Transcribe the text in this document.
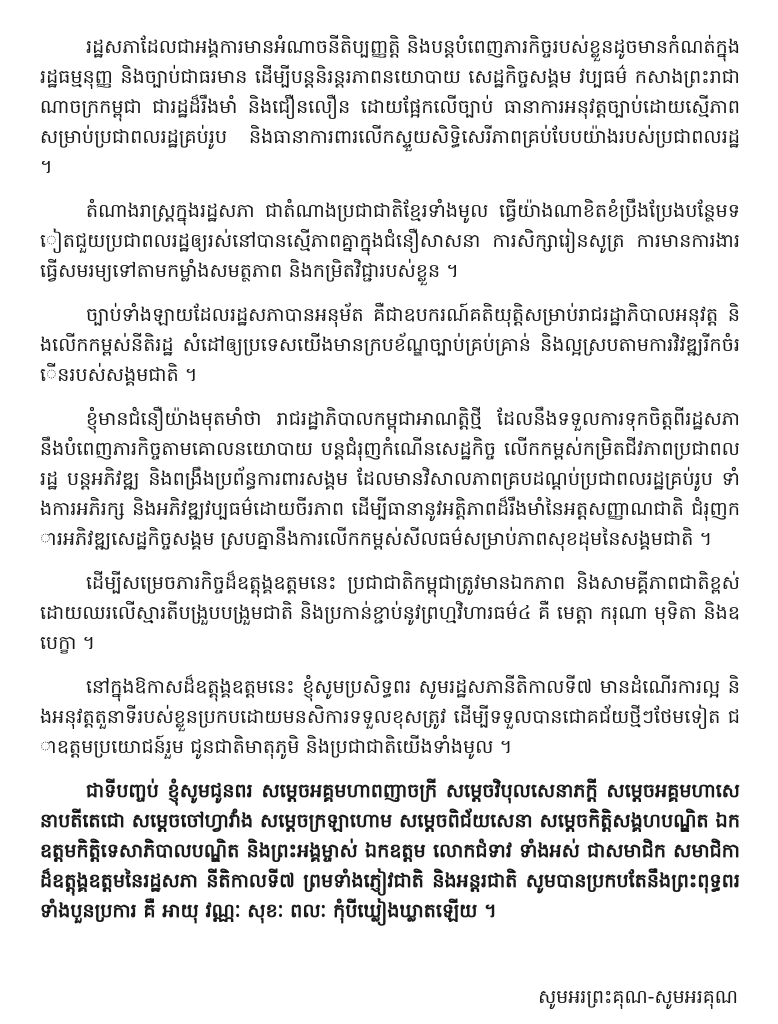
រដ្ឋសភាដែលជាអង្គការមានអំណាចនីតិប្បញ្ញត្តិ និងបន្តបំពេញភារកិច្ចរបស់ខ្លួនដូចមានកំណត់ក្នុងរដ្ឋធម្មនុញ្ញ និងច្បាប់ជាធរមាន ដើម្បីបន្តនិរន្តរភាពនយោបាយ សេដ្ឋកិច្ចសង្គម វប្បធម៌ កសាងព្រះរាជាណាចក្រកម្ពុជា ជារដ្ឋដ៏រឹងមាំ និងជឿនលឿន ដោយផ្អែកលើច្បាប់ ធានាការអនុវត្តច្បាប់ដោយស្មើភាពសម្រាប់ប្រជាពលរដ្ឋគ្រប់រូប និងធានាការពារលើកស្ទួយសិទ្ធិសេរីភាពគ្រប់បែបយ៉ាងរបស់ប្រជាពលរដ្ឋ ។

តំណាងរាស្ត្រក្នុងរដ្ឋសភា ជាតំណាងប្រជាជាតិខ្មែរទាំងមូល ធ្វើយ៉ាងណាខិតខំប្រឹងប្រែងបន្ថែមទៀតជួយប្រជាពលរដ្ឋឲ្យរស់នៅបានស្មើភាពគ្នាក្នុងជំនឿសាសនា ការសិក្សារៀនសូត្រ ការមានការងារធ្វើសមរម្យទៅតាមកម្លាំងសមត្ថភាព និងកម្រិតវិជ្ជារបស់ខ្លួន ។

ច្បាប់ទាំងឡាយដែលរដ្ឋសភាបានអនុម័ត គឺជាឧបករណ៍គតិយុត្តិសម្រាប់រាជរដ្ឋាភិបាលអនុវត្ត និងលើកកម្ពស់នីតិរដ្ឋ សំដៅឲ្យប្រទេសយើងមានក្របខ័ណ្ឌច្បាប់គ្រប់គ្រាន់ និងល្អស្របតាមការវិវឌ្ឍរីកចំរើនរបស់សង្គមជាតិ ។

ខ្ញុំមានជំនឿយ៉ាងមុតមាំថា រាជរដ្ឋាភិបាលកម្ពុជាអាណត្តិថ្មី ដែលនឹងទទួលការទុកចិត្តពីរដ្ឋសភា នឹងបំពេញភារកិច្ចតាមគោលនយោបាយ បន្តជំរុញកំណើនសេដ្ឋកិច្ច លើកកម្ពស់កម្រិតជីវភាពប្រជាពលរដ្ឋ បន្តអភិវឌ្ឍ និងពង្រឹងប្រព័ន្ធការពារសង្គម ដែលមានវិសាលភាពគ្របដណ្តប់ប្រជាពលរដ្ឋគ្រប់រូប ទាំងការអភិរក្ស និងអភិវឌ្ឍវប្បធម៌ដោយចីរភាព ដើម្បីធានានូវអត្តិភាពដ៏រឹងមាំនៃអត្តសញ្ញាណជាតិ ជំរុញការអភិវឌ្ឍសេដ្ឋកិច្ចសង្គម ស្របគ្នានឹងការលើកកម្ពស់សីលធម៌សម្រាប់ភាពសុខដុមនៃសង្គមជាតិ ។

ដើម្បីសម្រេចភារកិច្ចដ៏ឧត្តុង្គឧត្តមនេះ ប្រជាជាតិកម្ពុជាត្រូវមានឯកភាព និងសាមគ្គីភាពជាតិខ្ពស់ ដោយឈរលើស្មារតីបង្រួបបង្រួមជាតិ និងប្រកាន់ខ្ជាប់នូវព្រហ្មវិហារធម៌៤ គឺ មេត្តា ករុណា មុទិតា និងឧបេក្ខា ។

នៅក្នុងឱកាសដ៏ឧត្តុង្គឧត្តមនេះ ខ្ញុំសូមប្រសិទ្ធពរ សូមរដ្ឋសភានីតិកាលទី៧ មានដំណើរការល្អ និងអនុវត្តតួនាទីរបស់ខ្លួនប្រកបដោយមនសិការទទួលខុសត្រូវ ដើម្បីទទួលបានជោគជ័យថ្មីៗថែមទៀត ជាឧត្តមប្រយោជន៍រួម ជូនជាតិមាតុភូមិ និងប្រជាជាតិយើងទាំងមូល ។

ជាទីបញ្ចប់ ខ្ញុំសូមជូនពរ សម្តេចអគ្គមហាពញាចក្រី សម្តេចវិបុលសេនាភក្តី សម្តេចអគ្គមហាសេនាបតីតេជោ សម្តេចចៅហ្វាវាំង សម្តេចក្រឡាហោម សម្តេចពិជ័យសេនា សម្តេចកិត្តិសង្គហបណ្ឌិត ឯកឧត្តមកិត្តិទេសាភិបាលបណ្ឌិត និងព្រះអង្គម្ចាស់ ឯកឧត្តម លោកជំទាវ ទាំងអស់ ជាសមាជិក សមាជិកា ដ៏ឧត្តុង្គឧត្តមនៃរដ្ឋសភា នីតិកាលទី៧ ព្រមទាំងភ្ញៀវជាតិ និងអន្តរជាតិ សូមបានប្រកបតែនឹងព្រះពុទ្ធពរទាំងបួនប្រការ គឺ អាយុ វណ្ណៈ សុខៈ ពលៈ កុំបីឃ្លៀងឃ្លាតឡើយ ។

សូមអរព្រះគុណ-សូមអរគុណ
